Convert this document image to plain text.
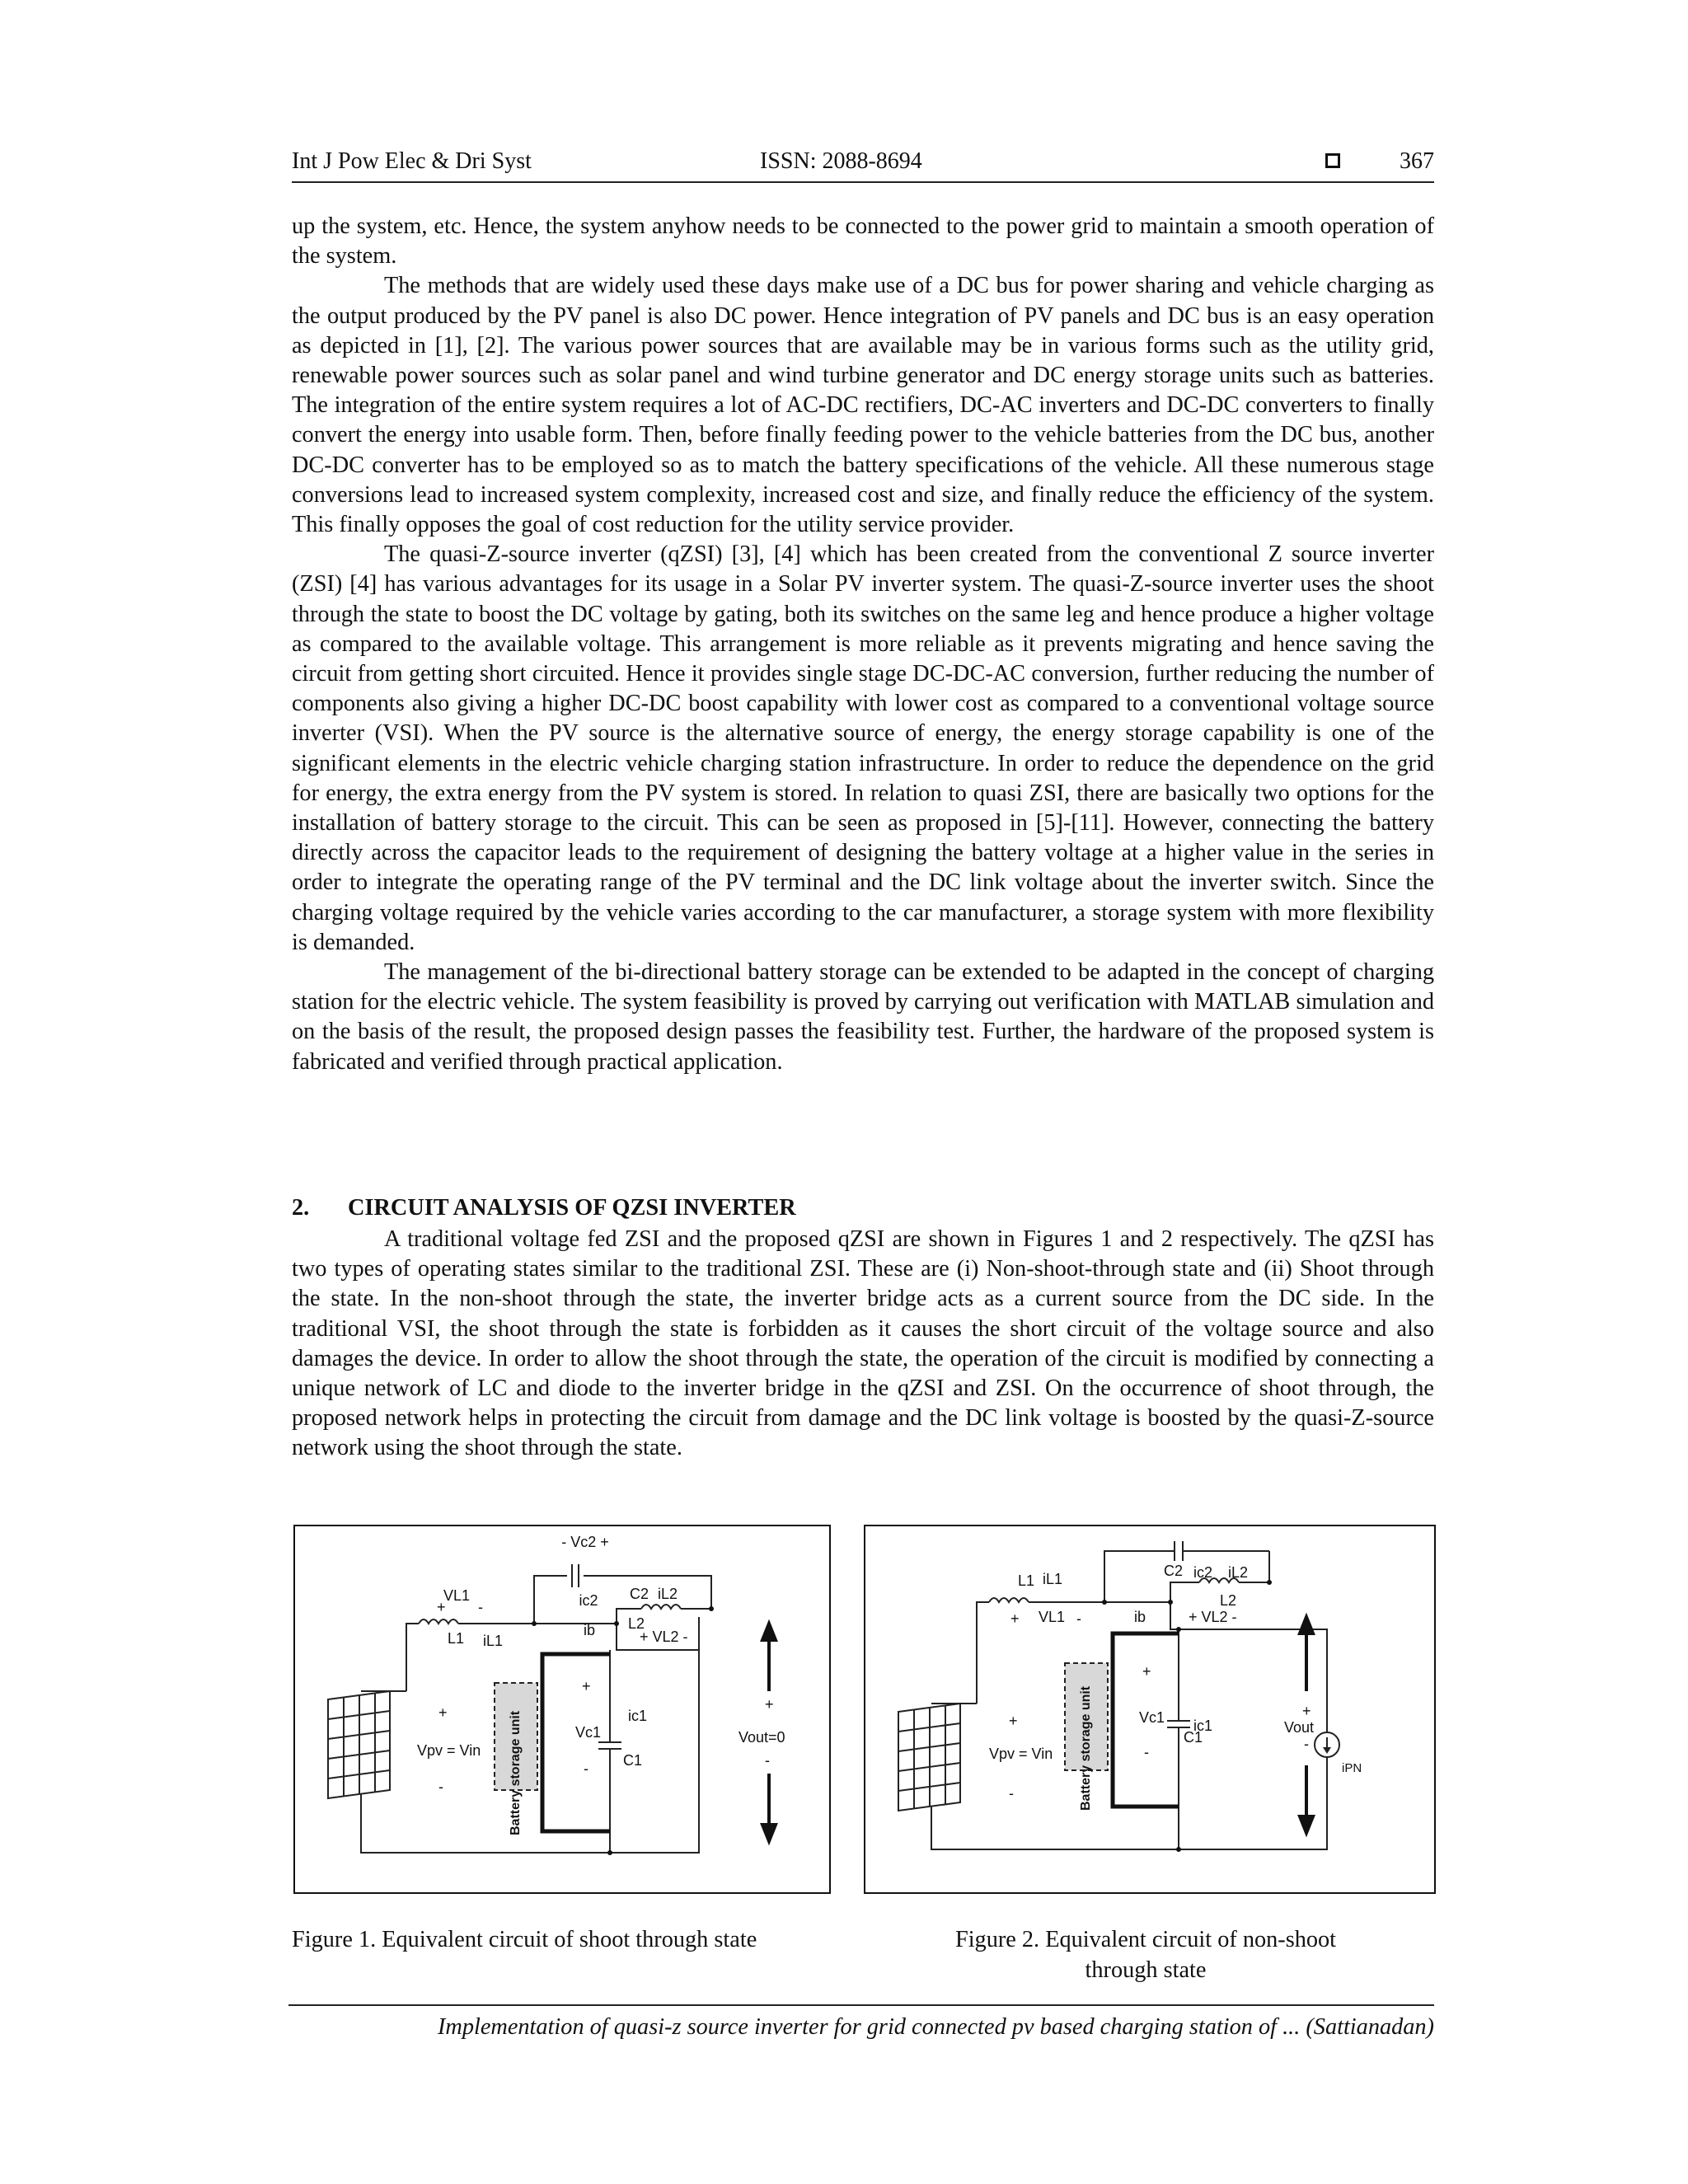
Int J Pow Elec & Dri Syst	ISSN: 2088-8694	367

up the system, etc. Hence, the system anyhow needs to be connected to the power grid to maintain a smooth operation of the system.

The methods that are widely used these days make use of a DC bus for power sharing and vehicle charging as the output produced by the PV panel is also DC power. Hence integration of PV panels and DC bus is an easy operation as depicted in [1], [2]. The various power sources that are available may be in various forms such as the utility grid, renewable power sources such as solar panel and wind turbine generator and DC energy storage units such as batteries. The integration of the entire system requires a lot of AC-DC rectifiers, DC-AC inverters and DC-DC converters to finally convert the energy into usable form. Then, before finally feeding power to the vehicle batteries from the DC bus, another DC-DC converter has to be employed so as to match the battery specifications of the vehicle. All these numerous stage conversions lead to increased system complexity, increased cost and size, and finally reduce the efficiency of the system. This finally opposes the goal of cost reduction for the utility service provider.

The quasi-Z-source inverter (qZSI) [3], [4] which has been created from the conventional Z source inverter (ZSI) [4] has various advantages for its usage in a Solar PV inverter system. The quasi-Z-source inverter uses the shoot through the state to boost the DC voltage by gating, both its switches on the same leg and hence produce a higher voltage as compared to the available voltage. This arrangement is more reliable as it prevents migrating and hence saving the circuit from getting short circuited. Hence it provides single stage DC-DC-AC conversion, further reducing the number of components also giving a higher DC-DC boost capability with lower cost as compared to a conventional voltage source inverter (VSI). When the PV source is the alternative source of energy, the energy storage capability is one of the significant elements in the electric vehicle charging station infrastructure. In order to reduce the dependence on the grid for energy, the extra energy from the PV system is stored. In relation to quasi ZSI, there are basically two options for the installation of battery storage to the circuit. This can be seen as proposed in [5]-[11]. However, connecting the battery directly across the capacitor leads to the requirement of designing the battery voltage at a higher value in the series in order to integrate the operating range of the PV terminal and the DC link voltage about the inverter switch. Since the charging voltage required by the vehicle varies according to the car manufacturer, a storage system with more flexibility is demanded.

The management of the bi-directional battery storage can be extended to be adapted in the concept of charging station for the electric vehicle. The system feasibility is proved by carrying out verification with MATLAB simulation and on the basis of the result, the proposed design passes the feasibility test. Further, the hardware of the proposed system is fabricated and verified through practical application.

2. CIRCUIT ANALYSIS OF QZSI INVERTER

A traditional voltage fed ZSI and the proposed qZSI are shown in Figures 1 and 2 respectively. The qZSI has two types of operating states similar to the traditional ZSI. These are (i) Non-shoot-through state and (ii) Shoot through the state. In the non-shoot through the state, the inverter bridge acts as a current source from the DC side. In the traditional VSI, the shoot through the state is forbidden as it causes the short circuit of the voltage source and also damages the device. In order to allow the shoot through the state, the operation of the circuit is modified by connecting a unique network of LC and diode to the inverter bridge in the qZSI and ZSI. On the occurrence of shoot through, the proposed network helps in protecting the circuit from damage and the DC link voltage is boosted by the quasi-Z-source network using the shoot through the state.

- Vc2 +
ic2 C2 iL2
VL1
+ -
L1 iL1
ib L2
+ VL2 -
+
-
Vpv = Vin
+
-
ic1
Vc1
C1
+
-
Vout=0
Battery storage unit
L1 iL1	C2 ic2 iL2
L2
+ VL1 -	ib	+ VL2 -
+
-
Vpv = Vin
+
-
Vc1
C1
ic1
+
-
Vout
iPN
Battery storage unit
Figure 1. Equivalent circuit of shoot through state	Figure 2. Equivalent circuit of non-shoot
through state
Implementation of quasi-z source inverter for grid connected pv based charging station of ... (Sattianadan)
